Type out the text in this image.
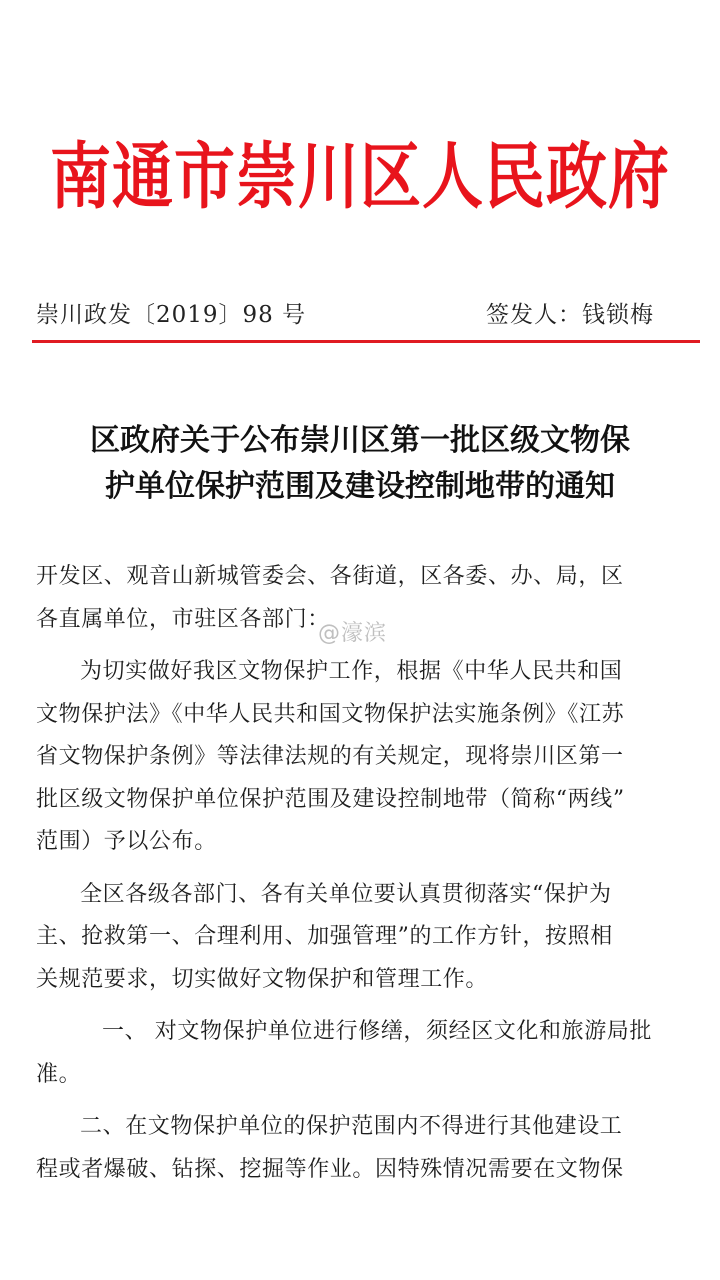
南通市崇川区人民政府
崇川政发〔2019〕98 号	签发人：钱锁梅
区政府关于公布崇川区第一批区级文物保
护单位保护范围及建设控制地带的通知
开发区、观音山新城管委会、各街道，区各委、办、局，区
各直属单位，市驻区各部门：
为切实做好我区文物保护工作，根据《中华人民共和国
文物保护法》《中华人民共和国文物保护法实施条例》《江苏
省文物保护条例》等法律法规的有关规定，现将崇川区第一
批区级文物保护单位保护范围及建设控制地带（简称“两线”
范围）予以公布。
全区各级各部门、各有关单位要认真贯彻落实“保护为
主、抢救第一、合理利用、加强管理”的工作方针，按照相
关规范要求，切实做好文物保护和管理工作。
一、 对文物保护单位进行修缮，须经区文化和旅游局批
准。
二、在文物保护单位的保护范围内不得进行其他建设工
程或者爆破、钻探、挖掘等作业。因特殊情况需要在文物保
@濠滨
